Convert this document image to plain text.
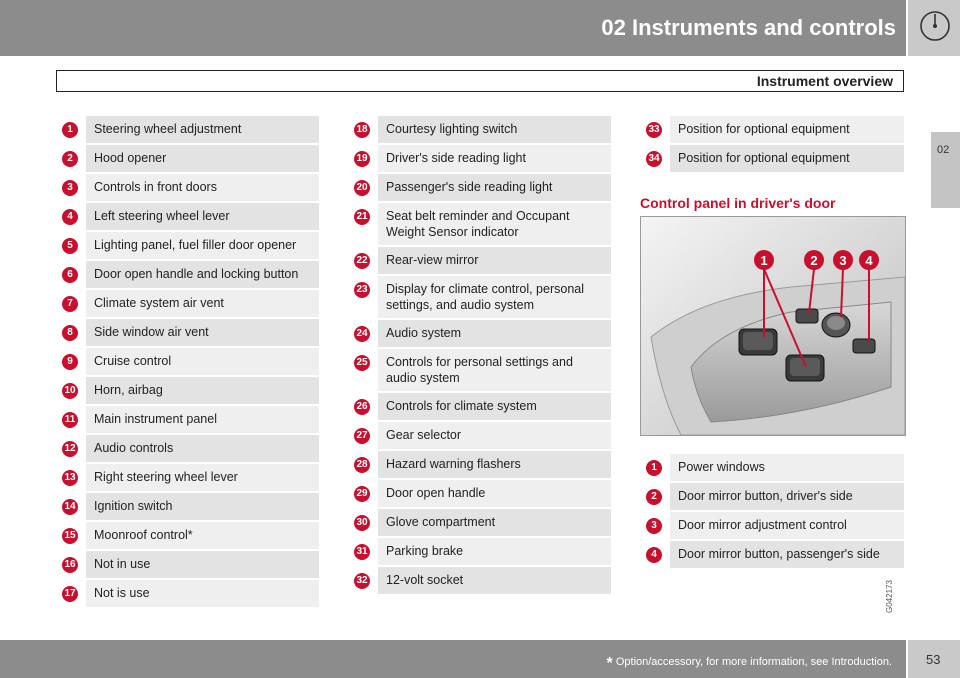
02 Instruments and controls
Instrument overview
02
1	Steering wheel adjustment
2	Hood opener
3	Controls in front doors
4	Left steering wheel lever
5	Lighting panel, fuel filler door opener
6	Door open handle and locking button
7	Climate system air vent
8	Side window air vent
9	Cruise control
10	Horn, airbag
11	Main instrument panel
12	Audio controls
13	Right steering wheel lever
14	Ignition switch
15	Moonroof control*
16	Not in use
17	Not is use
18	Courtesy lighting switch
19	Driver's side reading light
20	Passenger's side reading light
21	Seat belt reminder and Occupant Weight Sensor indicator
22	Rear-view mirror
23	Display for climate control, personal settings, and audio system
24	Audio system
25	Controls for personal settings and audio system
26	Controls for climate system
27	Gear selector
28	Hazard warning flashers
29	Door open handle
30	Glove compartment
31	Parking brake
32	12-volt socket
33	Position for optional equipment
34	Position for optional equipment
Control panel in driver's door
1	2 3 4
G042173
1	Power windows
2	Door mirror button, driver's side
3	Door mirror adjustment control
4	Door mirror button, passenger's side
* Option/accessory, for more information, see Introduction.	53
